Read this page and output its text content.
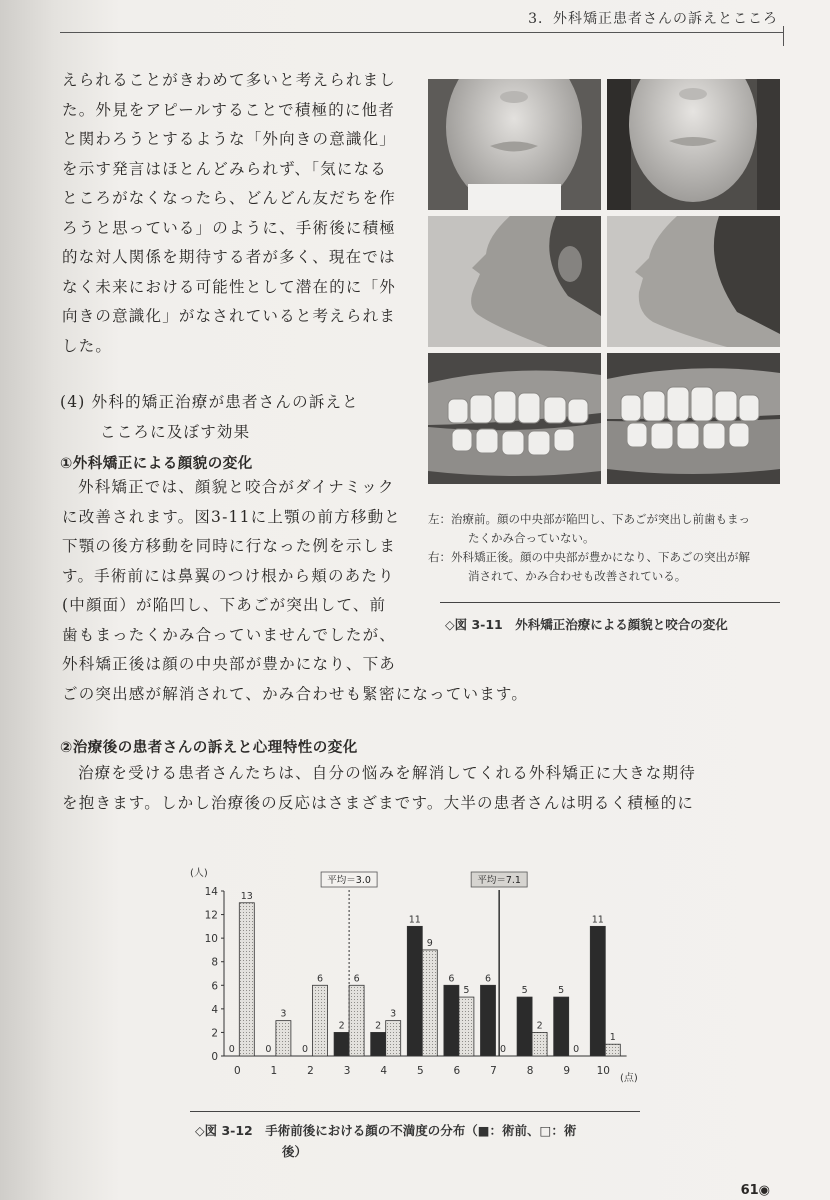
3．外科矯正患者さんの訴えとこころ
えられることがきわめて多いと考えられまし
た。外見をアピールすることで積極的に他者
と関わろうとするような「外向きの意識化」
を示す発言はほとんどみられず、「気になる
ところがなくなったら、どんどん友だちを作
ろうと思っている」のように、手術後に積極
的な対人関係を期待する者が多く、現在では
なく未来における可能性として潜在的に「外
向きの意識化」がなされていると考えられま
した。
(4) 外科的矯正治療が患者さんの訴えと
こころに及ぼす効果
①外科矯正による顔貌の変化
外科矯正では、顔貌と咬合がダイナミック
に改善されます。図3-11に上顎の前方移動と
下顎の後方移動を同時に行なった例を示しま
す。手術前には鼻翼のつけ根から頬のあたり
(中顔面）が陥凹し、下あごが突出して、前
歯もまったくかみ合っていませんでしたが、
外科矯正後は顔の中央部が豊かになり、下あ
ごの突出感が解消されて、かみ合わせも緊密になっています。
左：治療前。顔の中央部が陥凹し、下あごが突出し前歯もまっ
たくかみ合っていない。
右：外科矯正後。顔の中央部が豊かになり、下あごの突出が解
消されて、かみ合わせも改善されている。
◇図 3-11　外科矯正治療による顔貌と咬合の変化
②治療後の患者さんの訴えと心理特性の変化
治療を受ける患者さんたちは、自分の悩みを解消してくれる外科矯正に大きな期待
を抱きます。しかし治療後の反応はさまざまです。大半の患者さんは明るく積極的に
0
2
4
6
8
10
12
14
0
0
13
1
0
3
2
0
6
3
2
6
4
2
3
5
11
9
6
6
5
7
6
0
8
5
2
9
5
0
10
11
1
平均＝3.0	平均＝7.1
(人)
(点)
◇図 3-12　手術前後における顔の不満度の分布（■：術前、□：術
後）
61◉
